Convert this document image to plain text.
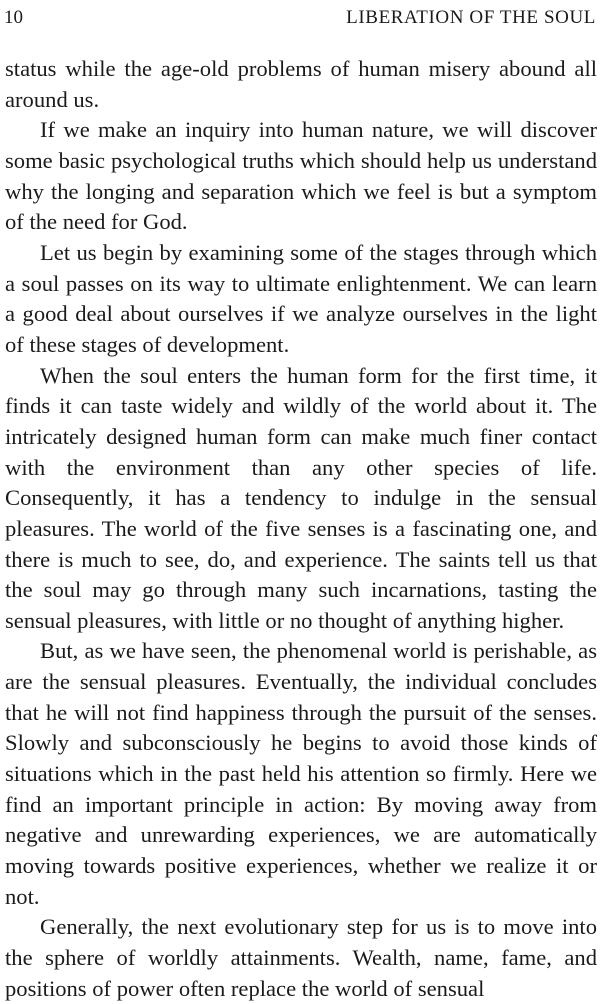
10	LIBERATION OF THE SOUL

status while the age-old problems of human misery abound all around us.

If we make an inquiry into human nature, we will discover some basic psychological truths which should help us understand why the longing and separation which we feel is but a symptom of the need for God.

Let us begin by examining some of the stages through which a soul passes on its way to ultimate enlightenment. We can learn a good deal about ourselves if we analyze ourselves in the light of these stages of development.

When the soul enters the human form for the first time, it finds it can taste widely and wildly of the world about it. The intricately designed human form can make much finer contact with the environment than any other species of life. Consequently, it has a tendency to indulge in the sensual pleasures. The world of the five senses is a fascinating one, and there is much to see, do, and experience. The saints tell us that the soul may go through many such incarnations, tasting the sensual pleasures, with little or no thought of anything higher.

But, as we have seen, the phenomenal world is perishable, as are the sensual pleasures. Eventually, the individual concludes that he will not find happiness through the pursuit of the senses. Slowly and subconsciously he begins to avoid those kinds of situations which in the past held his attention so firmly. Here we find an important principle in action: By moving away from negative and unrewarding experiences, we are automatically moving towards positive experiences, whether we realize it or not.

Generally, the next evolutionary step for us is to move into the sphere of worldly attainments. Wealth, name, fame, and positions of power often replace the world of sensual
